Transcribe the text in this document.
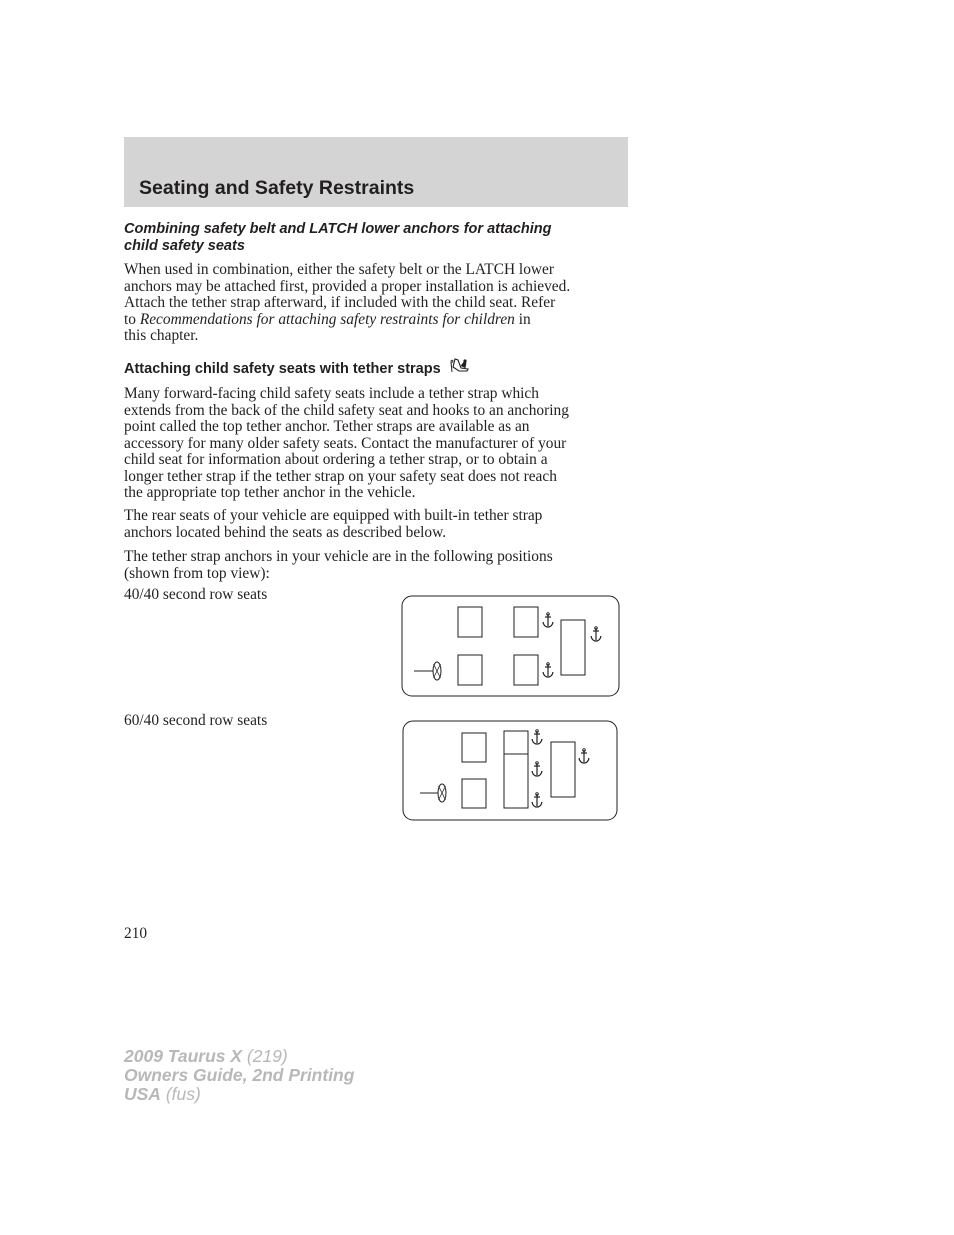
Seating and Safety Restraints
Combining safety belt and LATCH lower anchors for attaching
child safety seats
When used in combination, either the safety belt or the LATCH lower
anchors may be attached first, provided a proper installation is achieved.
Attach the tether strap afterward, if included with the child seat. Refer
to Recommendations for attaching safety restraints for children in
this chapter.
Attaching child safety seats with tether straps
Many forward-facing child safety seats include a tether strap which
extends from the back of the child safety seat and hooks to an anchoring
point called the top tether anchor. Tether straps are available as an
accessory for many older safety seats. Contact the manufacturer of your
child seat for information about ordering a tether strap, or to obtain a
longer tether strap if the tether strap on your safety seat does not reach
the appropriate top tether anchor in the vehicle.
The rear seats of your vehicle are equipped with built-in tether strap
anchors located behind the seats as described below.
The tether strap anchors in your vehicle are in the following positions
(shown from top view):
40/40 second row seats
60/40 second row seats
210
2009 Taurus X (219)
Owners Guide, 2nd Printing
USA (fus)
